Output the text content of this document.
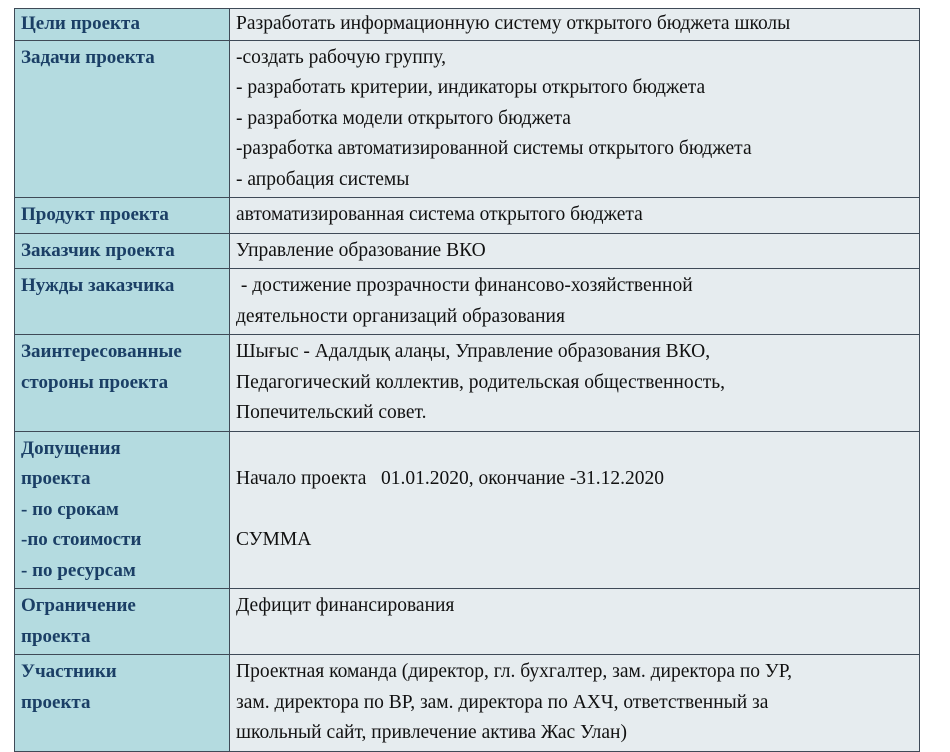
Цели проекта	Разработать информационную систему открытого бюджета школы

Задачи проекта	-создать рабочую группу,
- разработать критерии, индикаторы открытого бюджета
- разработка модели открытого бюджета
-разработка автоматизированной системы открытого бюджета
- апробация системы

Продукт проекта	автоматизированная система открытого бюджета

Заказчик проекта	Управление образование ВКО

Нужды заказчика	- достижение прозрачности финансово-хозяйственной
деятельности организаций образования

Заинтересованные
стороны проекта	Шығыс - Адалдық алаңы, Управление образования ВКО,
Педагогический коллектив, родительская общественность,
Попечительский совет.

Допущения
проекта
- по срокам
-по стоимости
- по ресурсам	Начало проекта   01.01.2020, окончание -31.12.2020
СУММА

Ограничение
проекта	Дефицит финансирования

Участники
проекта	Проектная команда (директор, гл. бухгалтер, зам. директора по УР,
зам. директора по ВР, зам. директора по АХЧ, ответственный за
школьный сайт, привлечение актива Жас Улан)
